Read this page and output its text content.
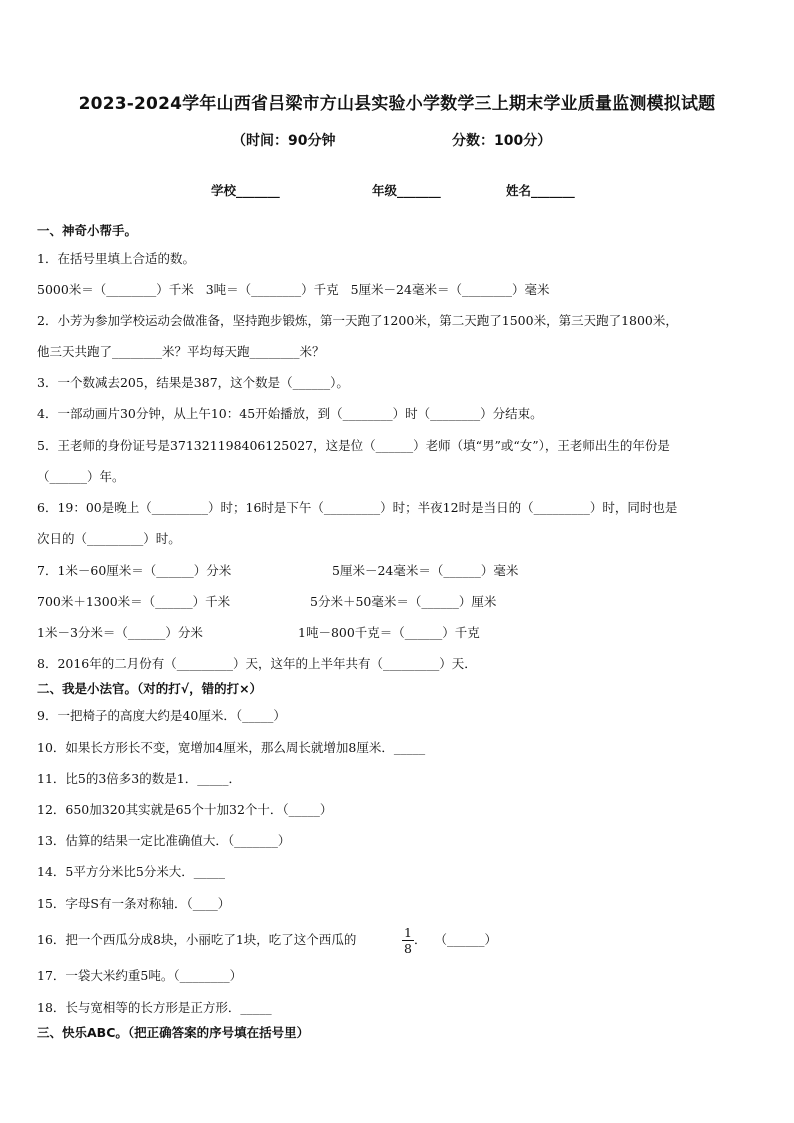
2023-2024学年山西省吕梁市方山县实验小学数学三上期末学业质量监测模拟试题
（时间：90分钟	分数：100分）
学校_______	年级_______	姓名_______
一、神奇小帮手。
1．在括号里填上合适的数。
5000米＝（________）千米   3吨＝（________）千克   5厘米－24毫米＝（________）毫米
2．小芳为参加学校运动会做准备，坚持跑步锻炼，第一天跑了1200米，第二天跑了1500米，第三天跑了1800米，
他三天共跑了________米？平均每天跑________米？
3．一个数减去205，结果是387，这个数是（______）。
4．一部动画片30分钟，从上午10：45开始播放，到（________）时（________）分结束。
5．王老师的身份证号是371321198406125027，这是位（______）老师（填“男”或“女”），王老师出生的年份是
（______）年。
6．19：00是晚上（_________）时；16时是下午（_________）时；半夜12时是当日的（_________）时，同时也是
次日的（_________）时。
7．1米－60厘米＝（______）分米	5厘米－24毫米＝（______）毫米
700米＋1300米＝（______）千米	5分米＋50毫米＝（______）厘米
1米－3分米＝（______）分米	1吨－800千克＝（______）千克
8．2016年的二月份有（_________）天，这年的上半年共有（_________）天．
二、我是小法官。（对的打√，错的打×）
9．一把椅子的高度大约是40厘米．（_____）
10．如果长方形长不变，宽增加4厘米，那么周长就增加8厘米．_____
11．比5的3倍多3的数是1．_____．
12．650加320其实就是65个十加32个十．（_____）
13．估算的结果一定比准确值大．（_______）
14．5平方分米比5分米大．_____
15．字母S有一条对称轴．（____）
16．把一个西瓜分成8块，小丽吃了1块，吃了这个西瓜的	1
8
．  （______）
17．一袋大米约重5吨。（________）
18．长与宽相等的长方形是正方形．_____
三、快乐ABC。（把正确答案的序号填在括号里）
